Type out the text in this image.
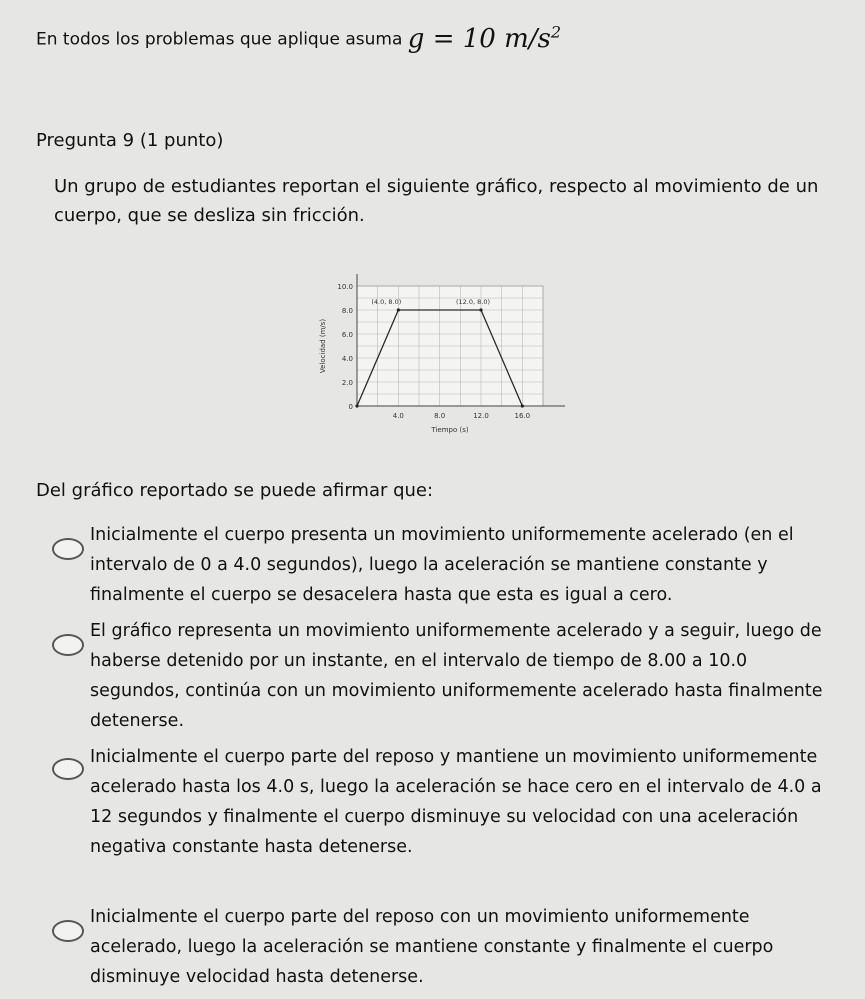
En todos los problemas que aplique asuma g = 10 $m/s^2$
Pregunta 9 (1 punto)
Un grupo de estudiantes reportan el siguiente gráfico, respecto al movimiento de un cuerpo, que se desliza sin fricción.
10.0
8.0
6.0
4.0
2.0
0
4.0	8.0	12.0	16.0
Tiempo (s)
Velocidad (m/s)
(4.0, 8.0)	(12.0, 8.0)
Del gráfico reportado se puede afirmar que:
Inicialmente el cuerpo presenta un movimiento uniformemente acelerado (en el intervalo de 0 a 4.0 segundos), luego la aceleración se mantiene constante y finalmente el cuerpo se desacelera hasta que esta es igual a cero.
El gráfico representa un movimiento uniformemente acelerado y a seguir, luego de haberse detenido por un instante, en el intervalo de tiempo de 8.00 a 10.0 segundos, continúa con un movimiento uniformemente acelerado hasta finalmente detenerse.
Inicialmente el cuerpo parte del reposo y mantiene un movimiento uniformemente acelerado hasta los 4.0 s, luego la aceleración se hace cero en el intervalo de 4.0 a 12 segundos y finalmente el cuerpo disminuye su velocidad con una aceleración negativa constante hasta detenerse.
Inicialmente el cuerpo parte del reposo con un movimiento uniformemente acelerado, luego la aceleración se mantiene constante y finalmente el cuerpo disminuye velocidad hasta detenerse.
